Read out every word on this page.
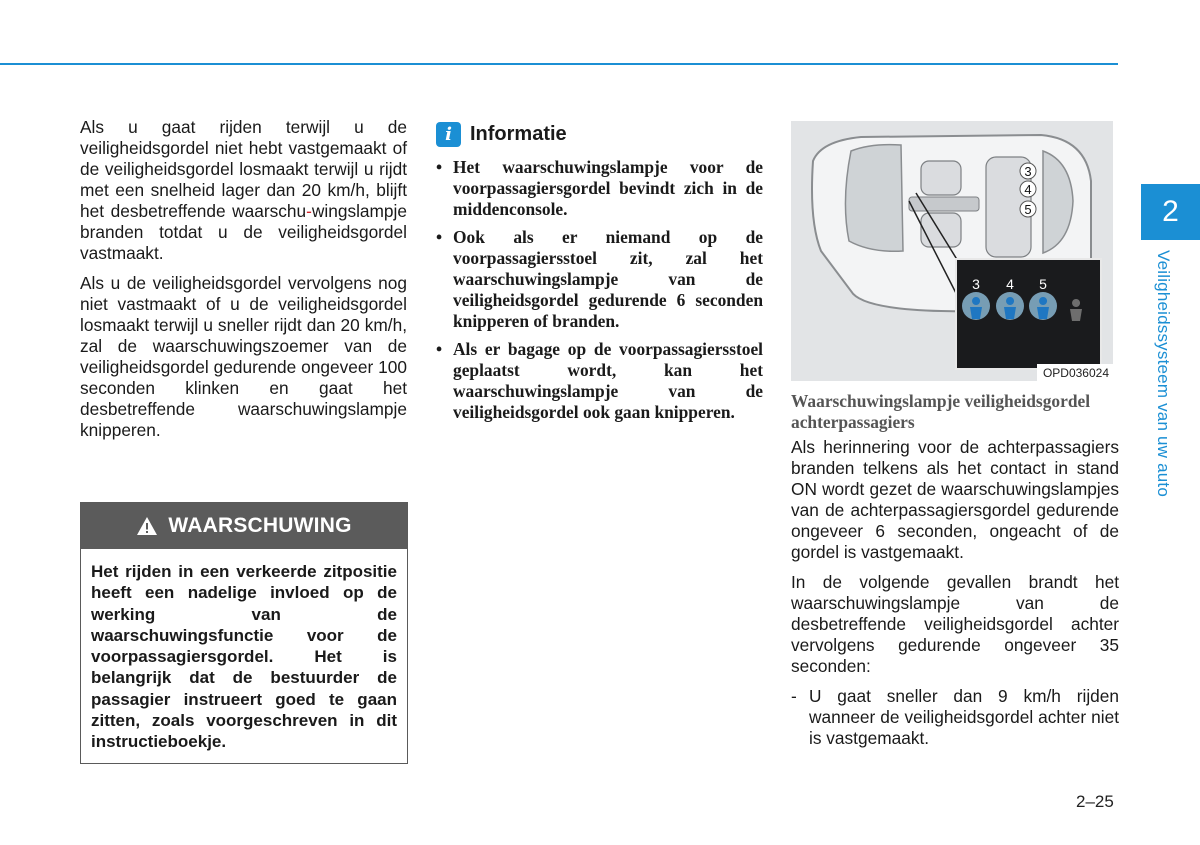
Als u gaat rijden terwijl u de veiligheidsgordel niet hebt vastgemaakt of de veiligheidsgordel losmaakt terwijl u rijdt met een snelheid lager dan 20 km/h, blijft het desbetreffende waarschu-wingslampje branden totdat u de veiligheidsgordel vastmaakt.

Als u de veiligheidsgordel vervolgens nog niet vastmaakt of u de veiligheidsgordel losmaakt terwijl u sneller rijdt dan 20 km/h, zal de waarschuwingszoemer van de veiligheidsgordel gedurende ongeveer 100 seconden klinken en gaat het desbetreffende waarschuwingslampje knipperen.

WAARSCHUWING
Het rijden in een verkeerde zitpositie heeft een nadelige invloed op de werking van de waarschuwingsfunctie voor de voorpassagiersgordel. Het is belangrijk dat de bestuurder de passagier instrueert goed te gaan zitten, zoals voorgeschreven in dit instructieboekje.
i Informatie
• Het waarschuwingslampje voor de voorpassagiersgordel bevindt zich in de middenconsole.
• Ook als er niemand op de voorpassagiersstoel zit, zal het waarschuwingslampje van de veiligheidsgordel gedurende 6 seconden knipperen of branden.
• Als er bagage op de voorpassagiersstoel geplaatst wordt, kan het waarschuwingslampje van de veiligheidsgordel ook gaan knipperen.
3
4
5
3 4 5
OPD036024
Waarschuwingslampje veiligheidsgordel achterpassagiers

Als herinnering voor de achterpassagiers branden telkens als het contact in stand ON wordt gezet de waarschuwingslampjes van de achterpassagiersgordel gedurende ongeveer 6 seconden, ongeacht of de gordel is vastgemaakt.

In de volgende gevallen brandt het waarschuwingslampje van de desbetreffende veiligheidsgordel achter vervolgens gedurende ongeveer 35 seconden:

- U gaat sneller dan 9 km/h rijden wanneer de veiligheidsgordel achter niet is vastgemaakt.

2
Veiligheidssysteem van uw auto
2–25
